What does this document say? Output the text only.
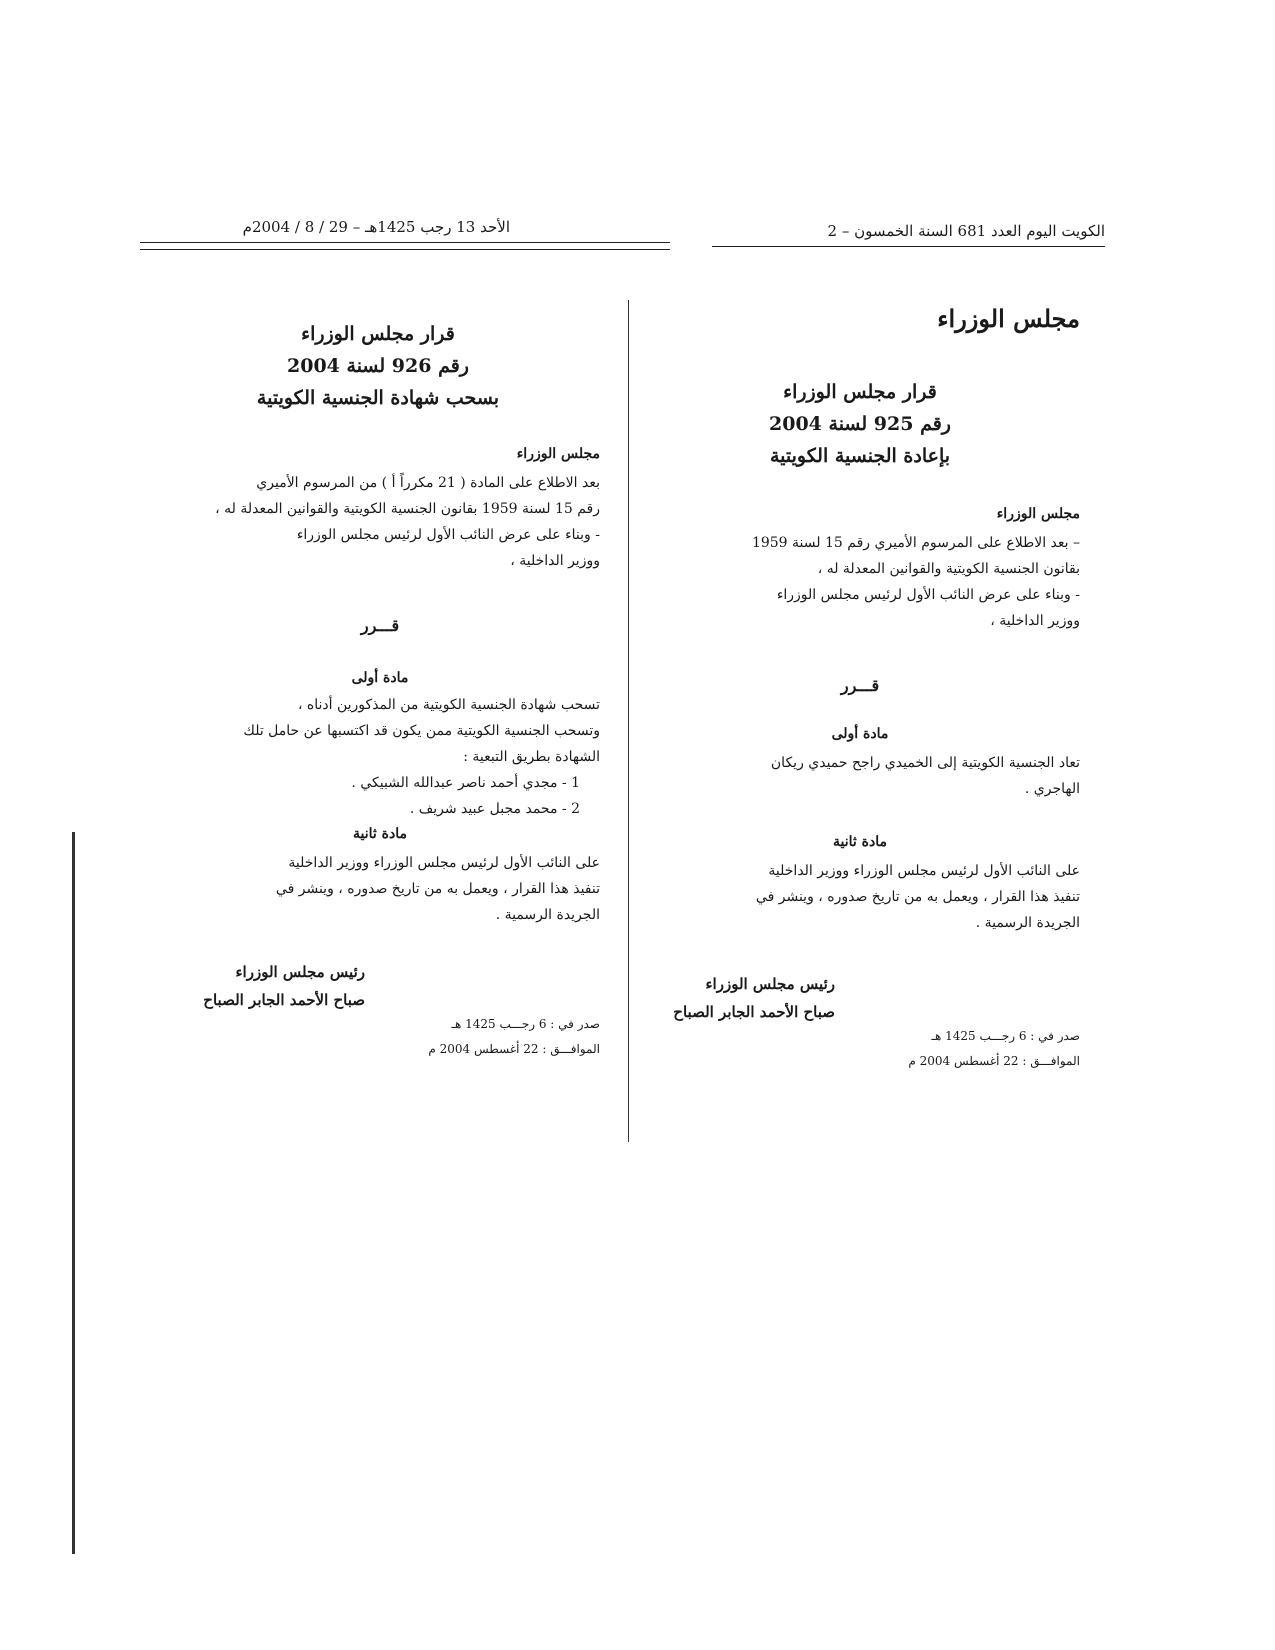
الكويت اليوم العدد 681 السنة الخمسون – 2
الأحد 13 رجب 1425هـ – 29 / 8 / 2004م
مجلس الوزراء
قرار مجلس الوزراء
رقم 925 لسنة 2004
بإعادة الجنسية الكويتية
مجلس الوزراء
– بعد الاطلاع على المرسوم الأميري رقم 15 لسنة 1959
بقانون الجنسية الكويتية والقوانين المعدلة له ،
- وبناء على عرض النائب الأول لرئيس مجلس الوزراء
ووزير الداخلية ،
قـــرر
مادة أولى
تعاد الجنسية الكويتية إلى الخميدي راجح حميدي ريكان
الهاجري .
مادة ثانية
على النائب الأول لرئيس مجلس الوزراء ووزير الداخلية
تنفيذ هذا القرار ، ويعمل به من تاريخ صدوره ، وينشر في
الجريدة الرسمية .
رئيس مجلس الوزراء
صباح الأحمد الجابر الصباح
صدر في : 6 رجـــب 1425 هـ
الموافـــق : 22 أغسطس 2004 م
قرار مجلس الوزراء
رقم 926 لسنة 2004
بسحب شهادة الجنسية الكويتية
مجلس الوزراء
بعد الاطلاع على المادة ( 21 مكرراً أ ) من المرسوم الأميري
رقم 15 لسنة 1959 بقانون الجنسية الكويتية والقوانين المعدلة له ،
- وبناء على عرض النائب الأول لرئيس مجلس الوزراء
ووزير الداخلية ،
قـــرر
مادة أولى
تسحب شهادة الجنسية الكويتية من المذكورين أدناه ،
وتسحب الجنسية الكويتية ممن يكون قد اكتسبها عن حامل تلك
الشهادة بطريق التبعية :
1 - مجدي أحمد ناصر عبدالله الشبيكي .
2 - محمد مجبل عبيد شريف .
مادة ثانية
على النائب الأول لرئيس مجلس الوزراء ووزير الداخلية
تنفيذ هذا القرار ، ويعمل به من تاريخ صدوره ، وينشر في
الجريدة الرسمية .
رئيس مجلس الوزراء
صباح الأحمد الجابر الصباح
صدر في : 6 رجـــب 1425 هـ
الموافـــق : 22 أغسطس 2004 م
